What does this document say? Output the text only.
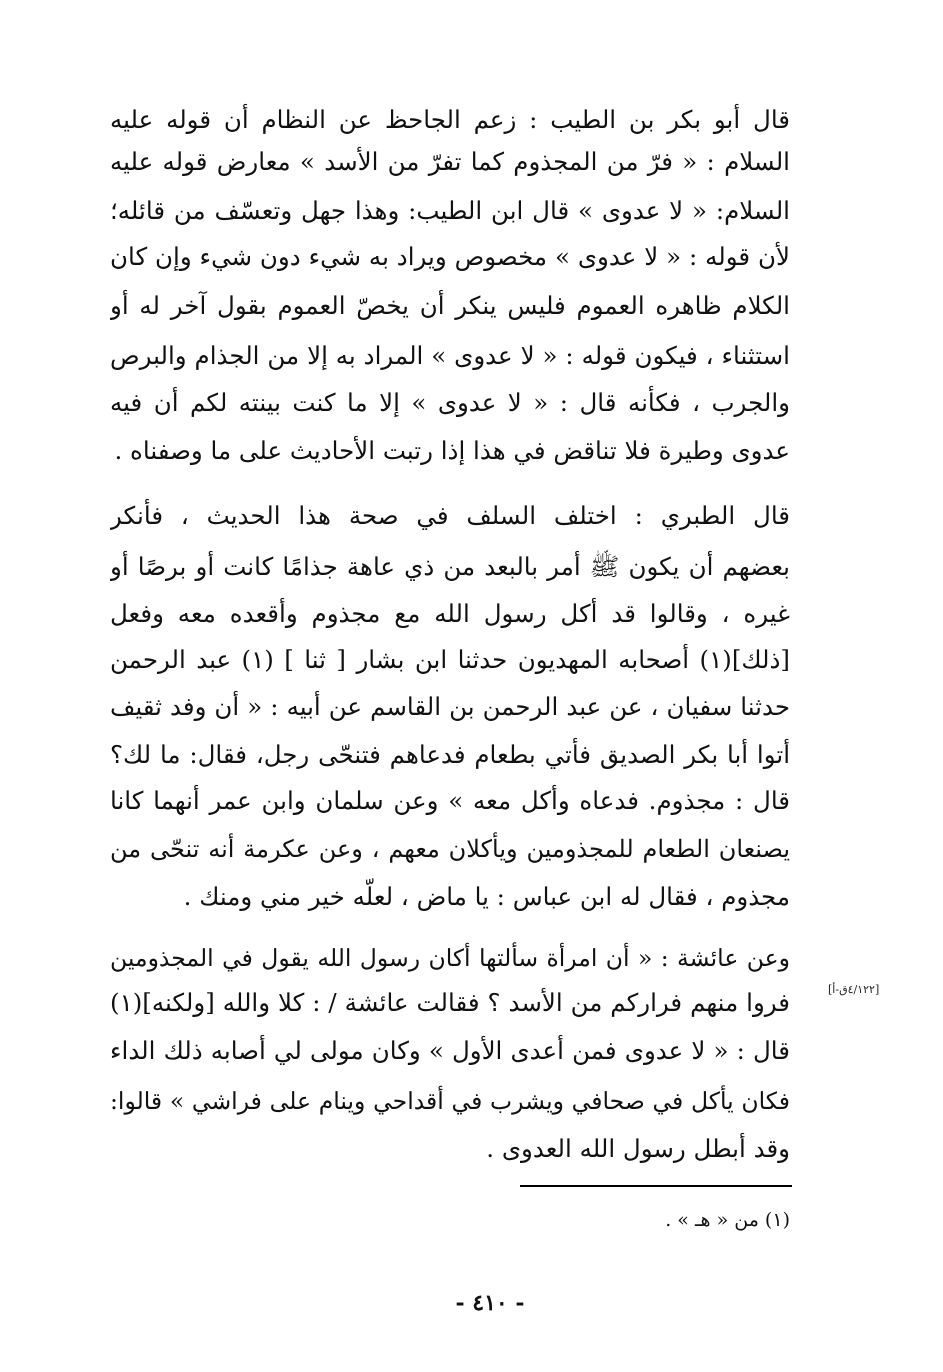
قال أبو بكر بن الطيب : زعم الجاحظ عن النظام أن قوله عليه
السلام : « فرّ من المجذوم كما تفرّ من الأسد » معارض قوله عليه
السلام: « لا عدوى » قال ابن الطيب: وهذا جهل وتعسّف من قائله؛
لأن قوله : « لا عدوى » مخصوص ويراد به شيء دون شيء وإن كان
الكلام ظاهره العموم فليس ينكر أن يخصّ العموم بقول آخر له أو
استثناء ، فيكون قوله : « لا عدوى » المراد به إلا من الجذام والبرص
والجرب ، فكأنه قال : « لا عدوى » إلا ما كنت بينته لكم أن فيه
عدوى وطيرة فلا تناقض في هذا إذا رتبت الأحاديث على ما وصفناه .
قال الطبري : اختلف السلف في صحة هذا الحديث ، فأنكر
بعضهم أن يكون ﷺ أمر بالبعد من ذي عاهة جذامًا كانت أو برصًا أو
غيره ، وقالوا قد أكل رسول الله مع مجذوم وأقعده معه وفعل
[ذلك](١) أصحابه المهديون حدثنا ابن بشار [ ثنا ] (١) عبد الرحمن
حدثنا سفيان ، عن عبد الرحمن بن القاسم عن أبيه : « أن وفد ثقيف
أتوا أبا بكر الصديق فأتي بطعام فدعاهم فتنحّى رجل، فقال: ما لك؟
قال : مجذوم. فدعاه وأكل معه » وعن سلمان وابن عمر أنهما كانا
يصنعان الطعام للمجذومين ويأكلان معهم ، وعن عكرمة أنه تنحّى من
مجذوم ، فقال له ابن عباس : يا ماض ، لعلّه خير مني ومنك .
وعن عائشة : « أن امرأة سألتها أكان رسول الله يقول في المجذومين
فروا منهم فراركم من الأسد ؟ فقالت عائشة / : كلا والله [ولكنه](١)
قال : « لا عدوى فمن أعدى الأول » وكان مولى لي أصابه ذلك الداء
فكان يأكل في صحافي ويشرب في أقداحي وينام على فراشي » قالوا:
وقد أبطل رسول الله العدوى .
[٤/١٢٢ق-أ]
(١) من « هـ » .
- ٤١٠ -
